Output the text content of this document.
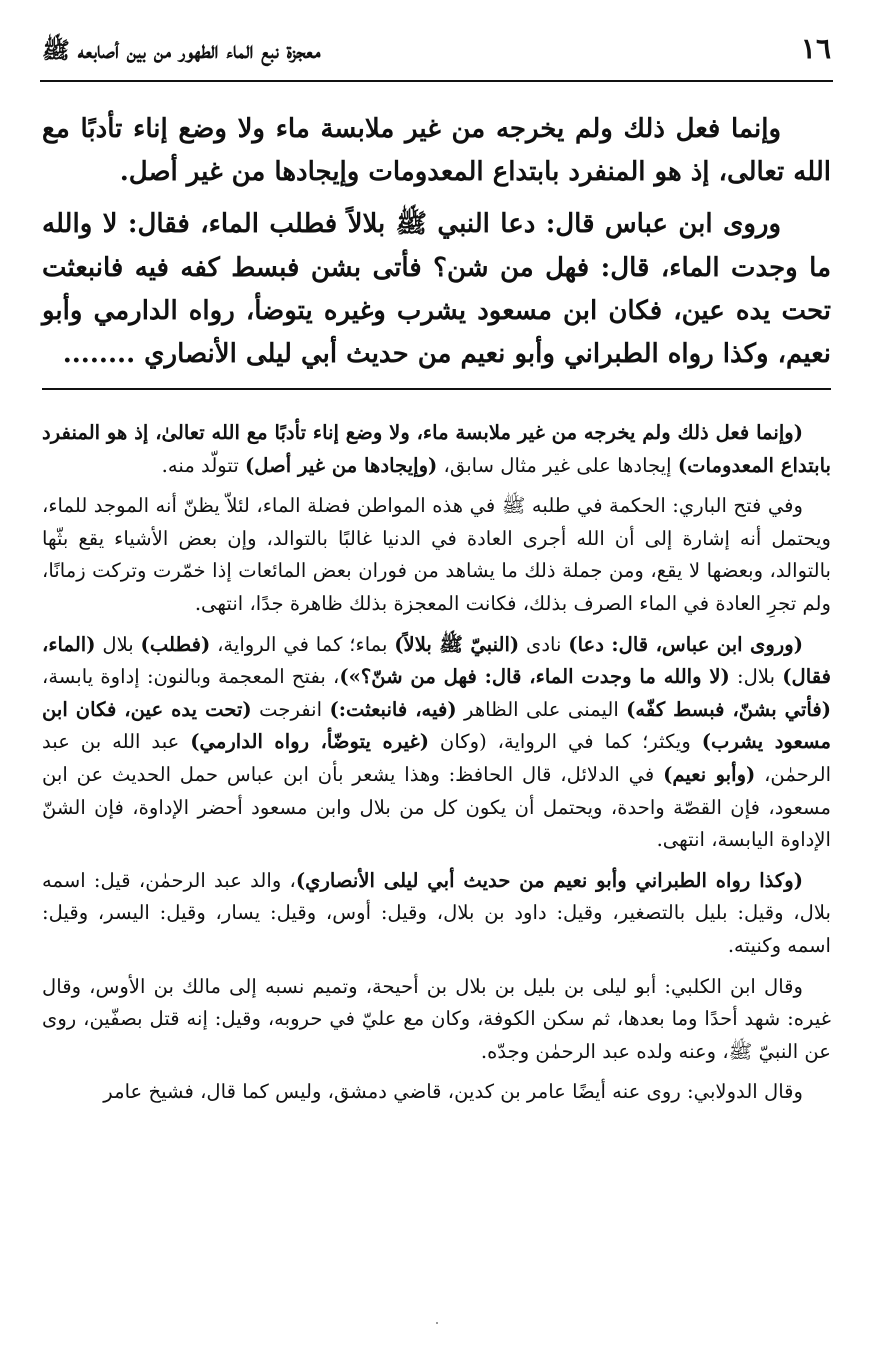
١٦
معجزة نبع الماء الطهور من بين أصابعه ﷺ

وإنما فعل ذلك ولم يخرجه من غير ملابسة ماء ولا وضع إناء تأدبًا مع الله تعالى، إذ هو المنفرد بابتداع المعدومات وإيجادها من غير أصل.

وروى ابن عباس قال: دعا النبي ﷺ بلالاً فطلب الماء، فقال: لا والله ما وجدت الماء، قال: فهل من شن؟ فأتى بشن فبسط كفه فيه فانبعثت تحت يده عين، فكان ابن مسعود يشرب وغيره يتوضأ، رواه الدارمي وأبو نعيم، وكذا رواه الطبراني وأبو نعيم من حديث أبي ليلى الأنصاري ........

(وإنما فعل ذلك ولم يخرجه من غير ملابسة ماء، ولا وضع إناء تأدبًا مع الله تعالىٰ، إذ هو المنفرد بابتداع المعدومات) إيجادها على غير مثال سابق، (وإيجادها من غير أصل) تتولّد منه.

وفي فتح الباري: الحكمة في طلبه ﷺ في هذه المواطن فضلة الماء، لئلاّ يظنّ أنه الموجد للماء، ويحتمل أنه إشارة إلى أن الله أجرى العادة في الدنيا غالبًا بالتوالد، وإن بعض الأشياء يقع بثّها بالتوالد، وبعضها لا يقع، ومن جملة ذلك ما يشاهد من فوران بعض المائعات إذا خمّرت وتركت زمانًا، ولم تجرِ العادة في الماء الصرف بذلك، فكانت المعجزة بذلك ظاهرة جدًا، انتهى.

(وروى ابن عباس، قال: دعا) نادى (النبيّ ﷺ بلالاً) بماء؛ كما في الرواية، (فطلب) بلال (الماء، فقال) بلال: (لا والله ما وجدت الماء، قال: فهل من شنّ؟»)، بفتح المعجمة وبالنون: إداوة يابسة، (فأتي بشنّ، فبسط كفّه) اليمنى على الظاهر (فيه، فانبعثت:) انفرجت (تحت يده عين، فكان ابن مسعود يشرب) ويكثر؛ كما في الرواية، (وكان (غيره يتوضّأ، رواه الدارمي) عبد الله بن عبد الرحمٰن، (وأبو نعيم) في الدلائل، قال الحافظ: وهذا يشعر بأن ابن عباس حمل الحديث عن ابن مسعود، فإن القصّة واحدة، ويحتمل أن يكون كل من بلال وابن مسعود أحضر الإداوة، فإن الشنّ الإداوة اليابسة، انتهى.

(وكذا رواه الطبراني وأبو نعيم من حديث أبي ليلى الأنصاري)، والد عبد الرحمٰن، قيل: اسمه بلال، وقيل: بليل بالتصغير، وقيل: داود بن بلال، وقيل: أوس، وقيل: يسار، وقيل: اليسر، وقيل: اسمه وكنيته.

وقال ابن الكلبي: أبو ليلى بن بليل بن بلال بن أحيحة، وتميم نسبه إلى مالك بن الأوس، وقال غيره: شهد أحدًا وما بعدها، ثم سكن الكوفة، وكان مع عليّ في حروبه، وقيل: إنه قتل بصفّين، روى عن النبيّ ﷺ، وعنه ولده عبد الرحمٰن وجدّه.

وقال الدولابي: روى عنه أيضًا عامر بن كدين، قاضي دمشق، وليس كما قال، فشيخ عامر
